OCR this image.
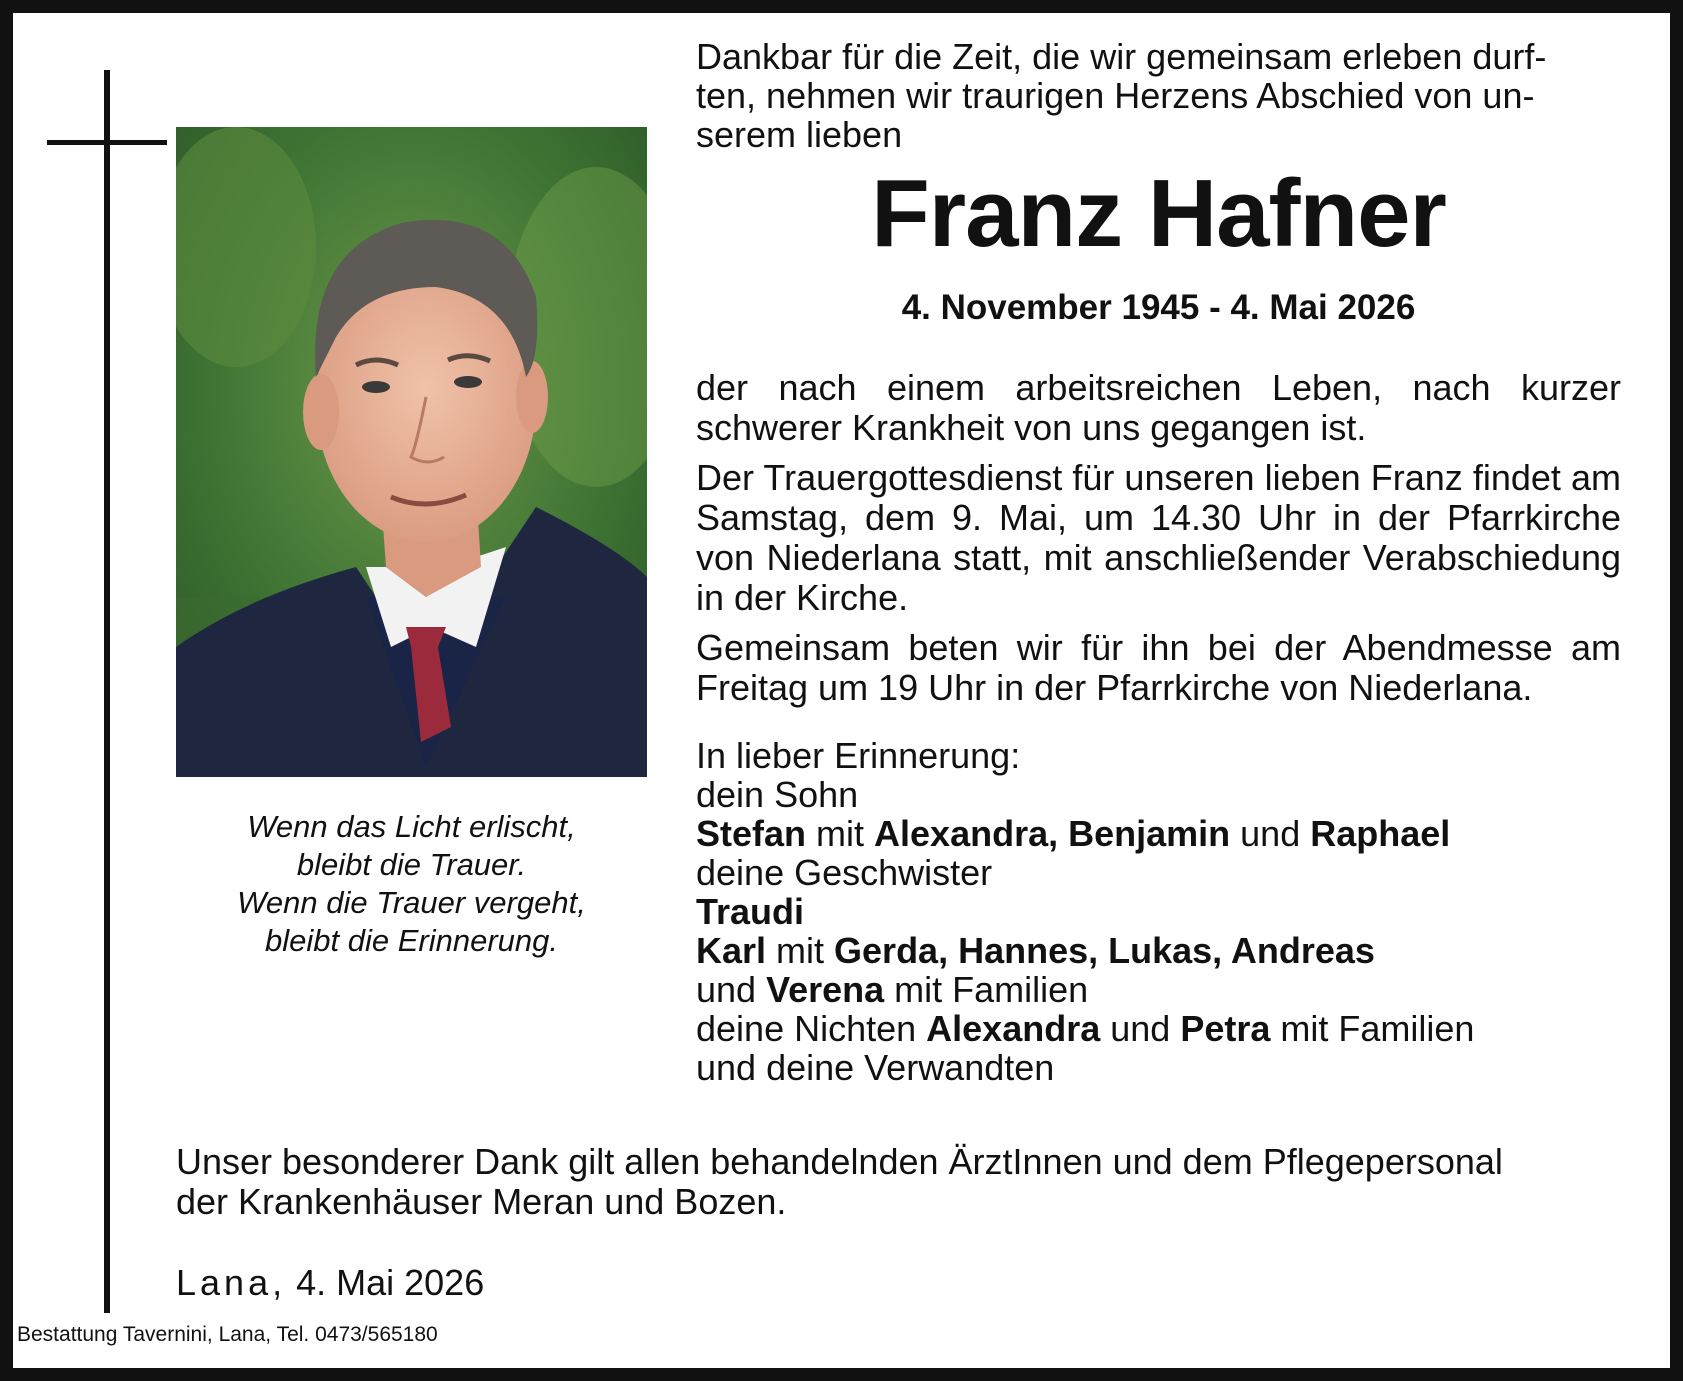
Wenn das Licht erlischt,
bleibt die Trauer.
Wenn die Trauer vergeht,
bleibt die Erinnerung.

Dankbar für die Zeit, die wir gemeinsam erleben durf-
ten, nehmen wir traurigen Herzens Abschied von un-
serem lieben

Franz Hafner
4. November 1945 - 4. Mai 2026

der nach einem arbeitsreichen Leben, nach kurzer schwerer Krankheit von uns gegangen ist.

Der Trauergottesdienst für unseren lieben Franz findet am Samstag, dem 9. Mai, um 14.30 Uhr in der Pfarrkirche von Niederlana statt, mit anschließender Verabschiedung in der Kirche.

Gemeinsam beten wir für ihn bei der Abendmesse am Freitag um 19 Uhr in der Pfarrkirche von Niederlana.

In lieber Erinnerung:
dein Sohn
Stefan mit Alexandra, Benjamin und Raphael
deine Geschwister
Traudi
Karl mit Gerda, Hannes, Lukas, Andreas
und Verena mit Familien
deine Nichten Alexandra und Petra mit Familien
und deine Verwandten
Unser besonderer Dank gilt allen behandelnden ÄrztInnen und dem Pflegepersonal
der Krankenhäuser Meran und Bozen.
Lana, 4. Mai 2026
Bestattung Tavernini, Lana, Tel. 0473/565180
